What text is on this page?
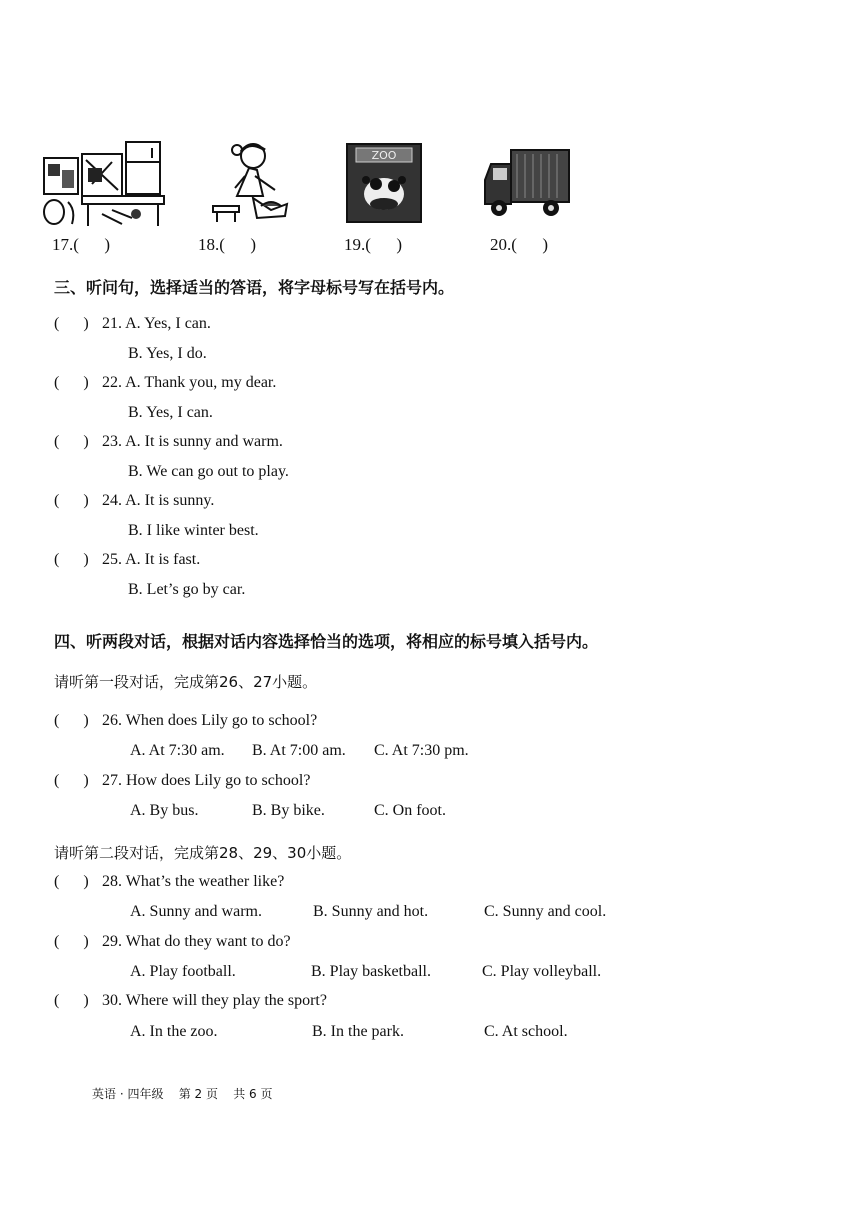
ZOO
17.(      )	18.(      )	19.(      )	20.(      )
三、听问句，选择适当的答语，将字母标号写在括号内。
(      ) 21. A. Yes, I can.
B. Yes, I do.
(      ) 22. A. Thank you, my dear.
B. Yes, I can.
(      ) 23. A. It is sunny and warm.
B. We can go out to play.
(      ) 24. A. It is sunny.
B. I like winter best.
(      ) 25. A. It is fast.
B. Let’s go by car.
四、听两段对话，根据对话内容选择恰当的选项，将相应的标号填入括号内。
请听第一段对话，完成第26、27小题。
(      ) 26. When does Lily go to school?
A. At 7:30 am. B. At 7:00 am. C. At 7:30 pm.
(      ) 27. How does Lily go to school?
A. By bus.	B. By bike.	C. On foot.
请听第二段对话，完成第28、29、30小题。
(      ) 28. What’s the weather like?
A. Sunny and warm.	B. Sunny and hot.	C. Sunny and cool.
(      ) 29. What do they want to do?
A. Play football.	B. Play basketball.	C. Play volleyball.
(      ) 30. Where will they play the sport?
A. In the zoo.	B. In the park.	C. At school.
英语 · 四年级    第 2 页    共 6 页
